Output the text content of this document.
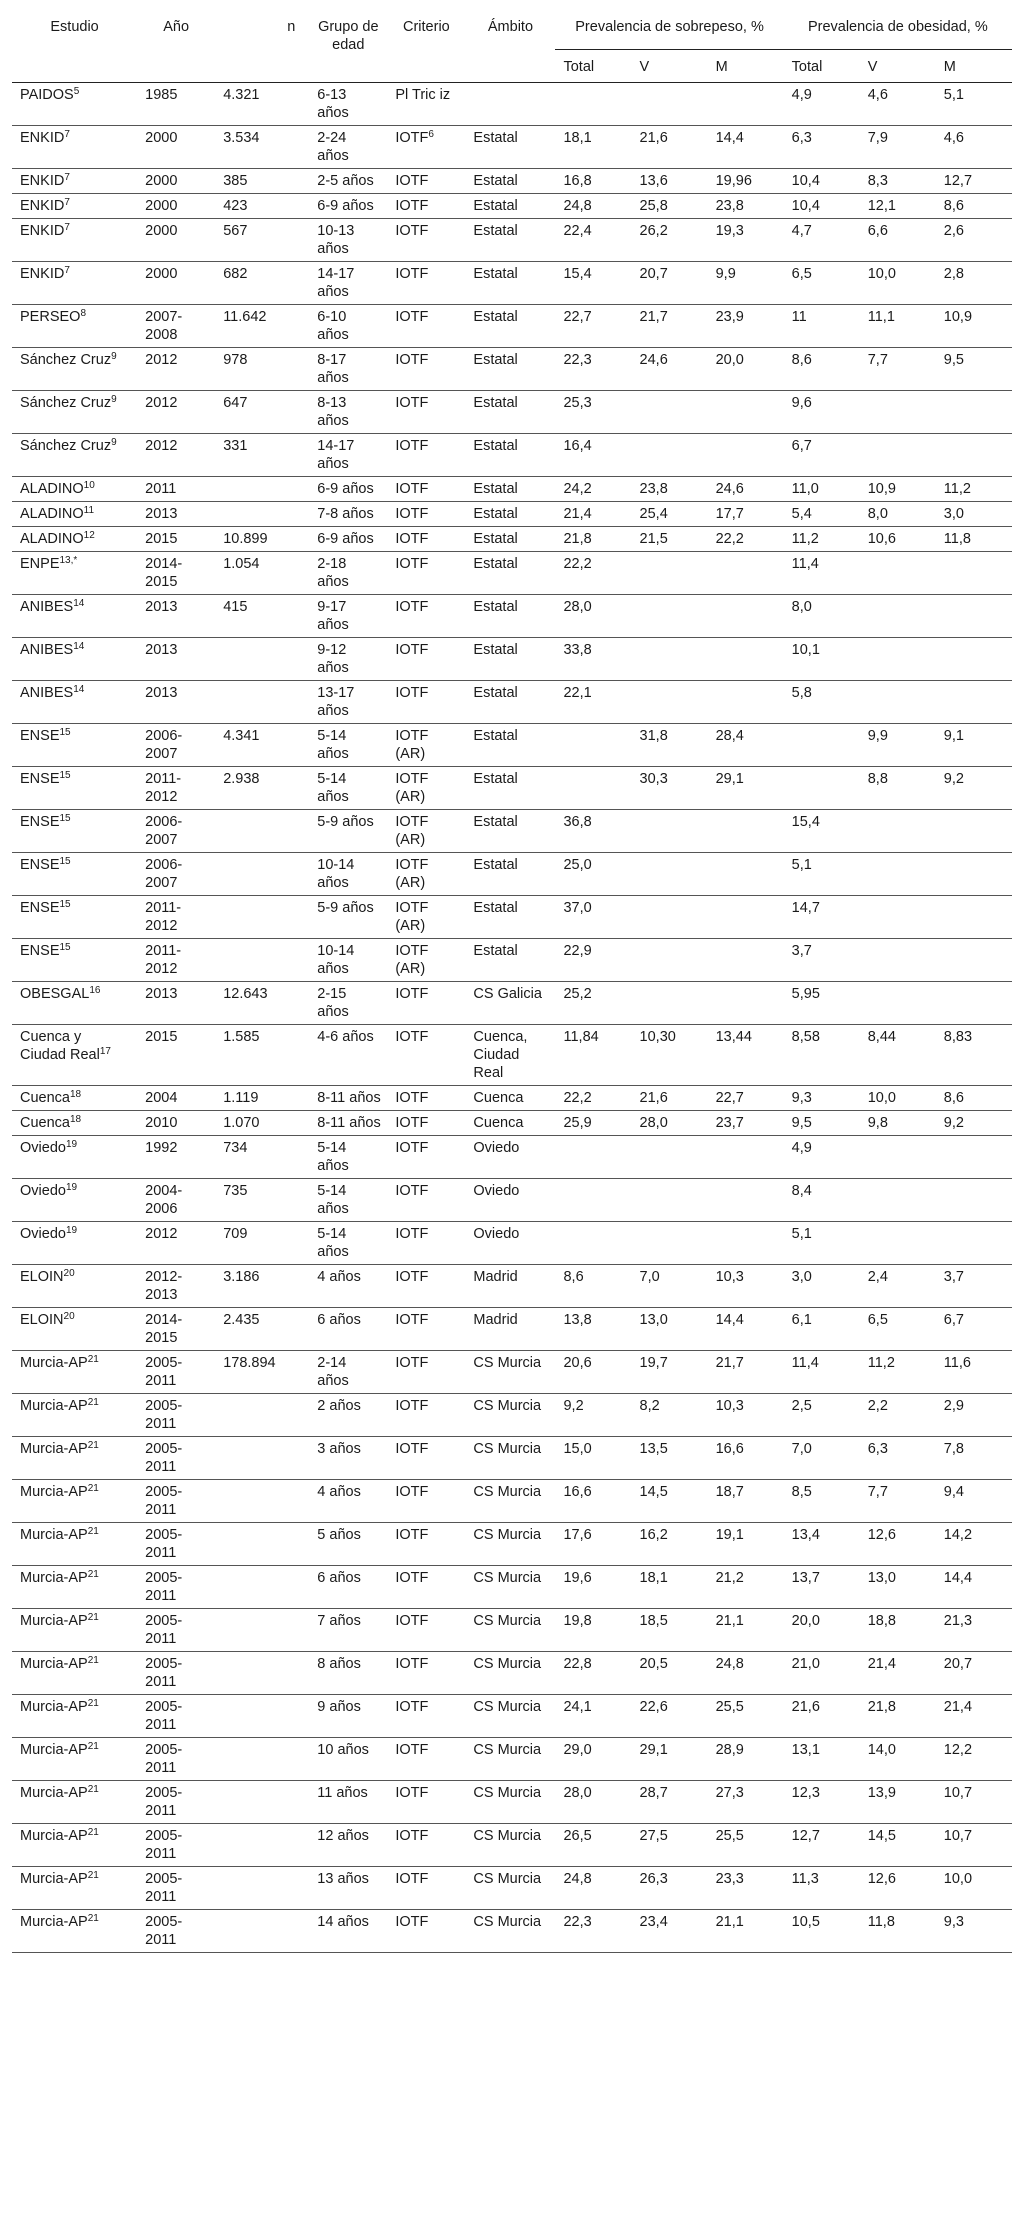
Estudio	Año	n	Grupo de edad	Criterio	Ámbito	Prevalencia de sobrepeso, %			Prevalencia de obesidad, %		
						Total	V	M	Total	V	M
PAIDOS$^5$	1985	4.321	6-13 años	Pl Tric iz					4,9	4,6	5,1
ENKID$^7$	2000	3.534	2-24 años	IOTF$^6$	Estatal	18,1	21,6	14,4	6,3	7,9	4,6
ENKID$^7$	2000	385	2-5 años	IOTF	Estatal	16,8	13,6	19,96	10,4	8,3	12,7
ENKID$^7$	2000	423	6-9 años	IOTF	Estatal	24,8	25,8	23,8	10,4	12,1	8,6
ENKID$^7$	2000	567	10-13 años	IOTF	Estatal	22,4	26,2	19,3	4,7	6,6	2,6
ENKID$^7$	2000	682	14-17 años	IOTF	Estatal	15,4	20,7	9,9	6,5	10,0	2,8
PERSEO$^8$	2007-2008	11.642	6-10 años	IOTF	Estatal	22,7	21,7	23,9	11	11,1	10,9
Sánchez Cruz$^9$	2012	978	8-17 años	IOTF	Estatal	22,3	24,6	20,0	8,6	7,7	9,5
Sánchez Cruz$^9$	2012	647	8-13 años	IOTF	Estatal	25,3			9,6		
Sánchez Cruz$^9$	2012	331	14-17 años	IOTF	Estatal	16,4			6,7		
ALADINO$^{10}$	2011		6-9 años	IOTF	Estatal	24,2	23,8	24,6	11,0	10,9	11,2
ALADINO$^{11}$	2013		7-8 años	IOTF	Estatal	21,4	25,4	17,7	5,4	8,0	3,0
ALADINO$^{12}$	2015	10.899	6-9 años	IOTF	Estatal	21,8	21,5	22,2	11,2	10,6	11,8
$ENPE^{13,*}$	2014-2015	1.054	2-18 años	IOTF	Estatal	22,2			11,4		
ANIBES$^{14}$	2013	415	9-17 años	IOTF	Estatal	28,0			8,0		
ANIBES$^{14}$	2013		9-12 años	IOTF	Estatal	33,8			10,1		
ANIBES$^{14}$	2013		13-17 años	IOTF	Estatal	22,1			5,8		
ENSE$^{15}$	2006-2007	4.341	5-14 años	IOTF (AR)	Estatal		31,8	28,4		9,9	9,1
ENSE$^{15}$	2011-2012	2.938	5-14 años	IOTF (AR)	Estatal		30,3	29,1		8,8	9,2
ENSE$^{15}$	2006-2007		5-9 años	IOTF (AR)	Estatal	36,8			15,4		
ENSE$^{15}$	2006-2007		10-14 años	IOTF (AR)	Estatal	25,0			5,1		
ENSE$^{15}$	2011-2012		5-9 años	IOTF (AR)	Estatal	37,0			14,7		
ENSE$^{15}$	2011-2012		10-14 años	IOTF (AR)	Estatal	22,9			3,7		
OBESGAL$^{16}$	2013	12.643	2-15 años	IOTF	CS Galicia	25,2			5,95		
Cuenca y Ciudad Real$^{17}$	2015	1.585	4-6 años	IOTF	Cuenca, Ciudad Real	11,84	10,30	13,44	8,58	8,44	8,83
Cuenca$^{18}$	2004	1.119	8-11 años	IOTF	Cuenca	22,2	21,6	22,7	9,3	10,0	8,6
Cuenca$^{18}$	2010	1.070	8-11 años	IOTF	Cuenca	25,9	28,0	23,7	9,5	9,8	9,2
Oviedo$^{19}$	1992	734	5-14 años	IOTF	Oviedo				4,9		
Oviedo$^{19}$	2004-2006	735	5-14 años	IOTF	Oviedo				8,4		
Oviedo$^{19}$	2012	709	5-14 años	IOTF	Oviedo				5,1		
ELOIN$^{20}$	2012-2013	3.186	4 años	IOTF	Madrid	8,6	7,0	10,3	3,0	2,4	3,7
ELOIN$^{20}$	2014-2015	2.435	6 años	IOTF	Madrid	13,8	13,0	14,4	6,1	6,5	6,7
Murcia-AP$^{21}$	2005-2011	178.894	2-14 años	IOTF	CS Murcia	20,6	19,7	21,7	11,4	11,2	11,6
Murcia-AP$^{21}$	2005-2011		2 años	IOTF	CS Murcia	9,2	8,2	10,3	2,5	2,2	2,9
Murcia-AP$^{21}$	2005-2011		3 años	IOTF	CS Murcia	15,0	13,5	16,6	7,0	6,3	7,8
Murcia-AP$^{21}$	2005-2011		4 años	IOTF	CS Murcia	16,6	14,5	18,7	8,5	7,7	9,4
Murcia-AP$^{21}$	2005-2011		5 años	IOTF	CS Murcia	17,6	16,2	19,1	13,4	12,6	14,2
Murcia-AP$^{21}$	2005-2011		6 años	IOTF	CS Murcia	19,6	18,1	21,2	13,7	13,0	14,4
Murcia-AP$^{21}$	2005-2011		7 años	IOTF	CS Murcia	19,8	18,5	21,1	20,0	18,8	21,3
Murcia-AP$^{21}$	2005-2011		8 años	IOTF	CS Murcia	22,8	20,5	24,8	21,0	21,4	20,7
Murcia-AP$^{21}$	2005-2011		9 años	IOTF	CS Murcia	24,1	22,6	25,5	21,6	21,8	21,4
Murcia-AP$^{21}$	2005-2011		10 años	IOTF	CS Murcia	29,0	29,1	28,9	13,1	14,0	12,2
Murcia-AP$^{21}$	2005-2011		11 años	IOTF	CS Murcia	28,0	28,7	27,3	12,3	13,9	10,7
Murcia-AP$^{21}$	2005-2011		12 años	IOTF	CS Murcia	26,5	27,5	25,5	12,7	14,5	10,7
Murcia-AP$^{21}$	2005-2011		13 años	IOTF	CS Murcia	24,8	26,3	23,3	11,3	12,6	10,0
Murcia-AP$^{21}$	2005-2011		14 años	IOTF	CS Murcia	22,3	23,4	21,1	10,5	11,8	9,3
